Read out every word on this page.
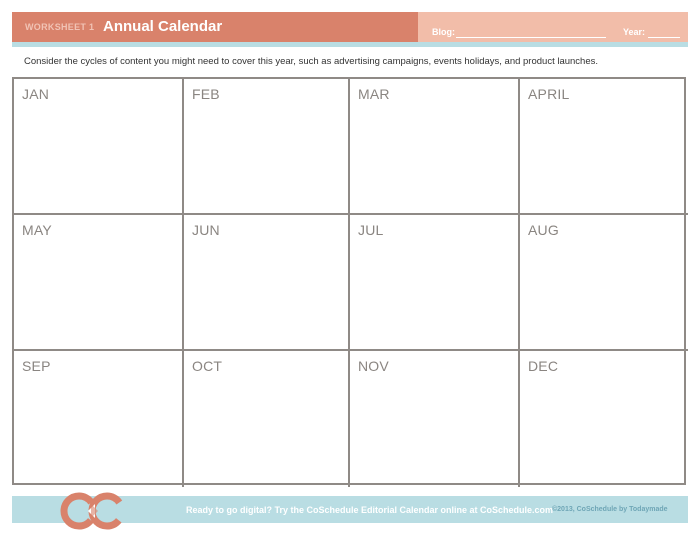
WORKSHEET 1 Annual Calendar	Blog:	Year:
Consider the cycles of content you might need to cover this year, such as advertising campaigns, events holidays, and product launches.
JAN	FEB	MAR	APRIL
MAY	JUN	JUL	AUG
SEP	OCT	NOV	DEC
Ready to go digital? Try the CoSchedule Editorial Calendar online at CoSchedule.com
©2013, CoSchedule by Todaymade
